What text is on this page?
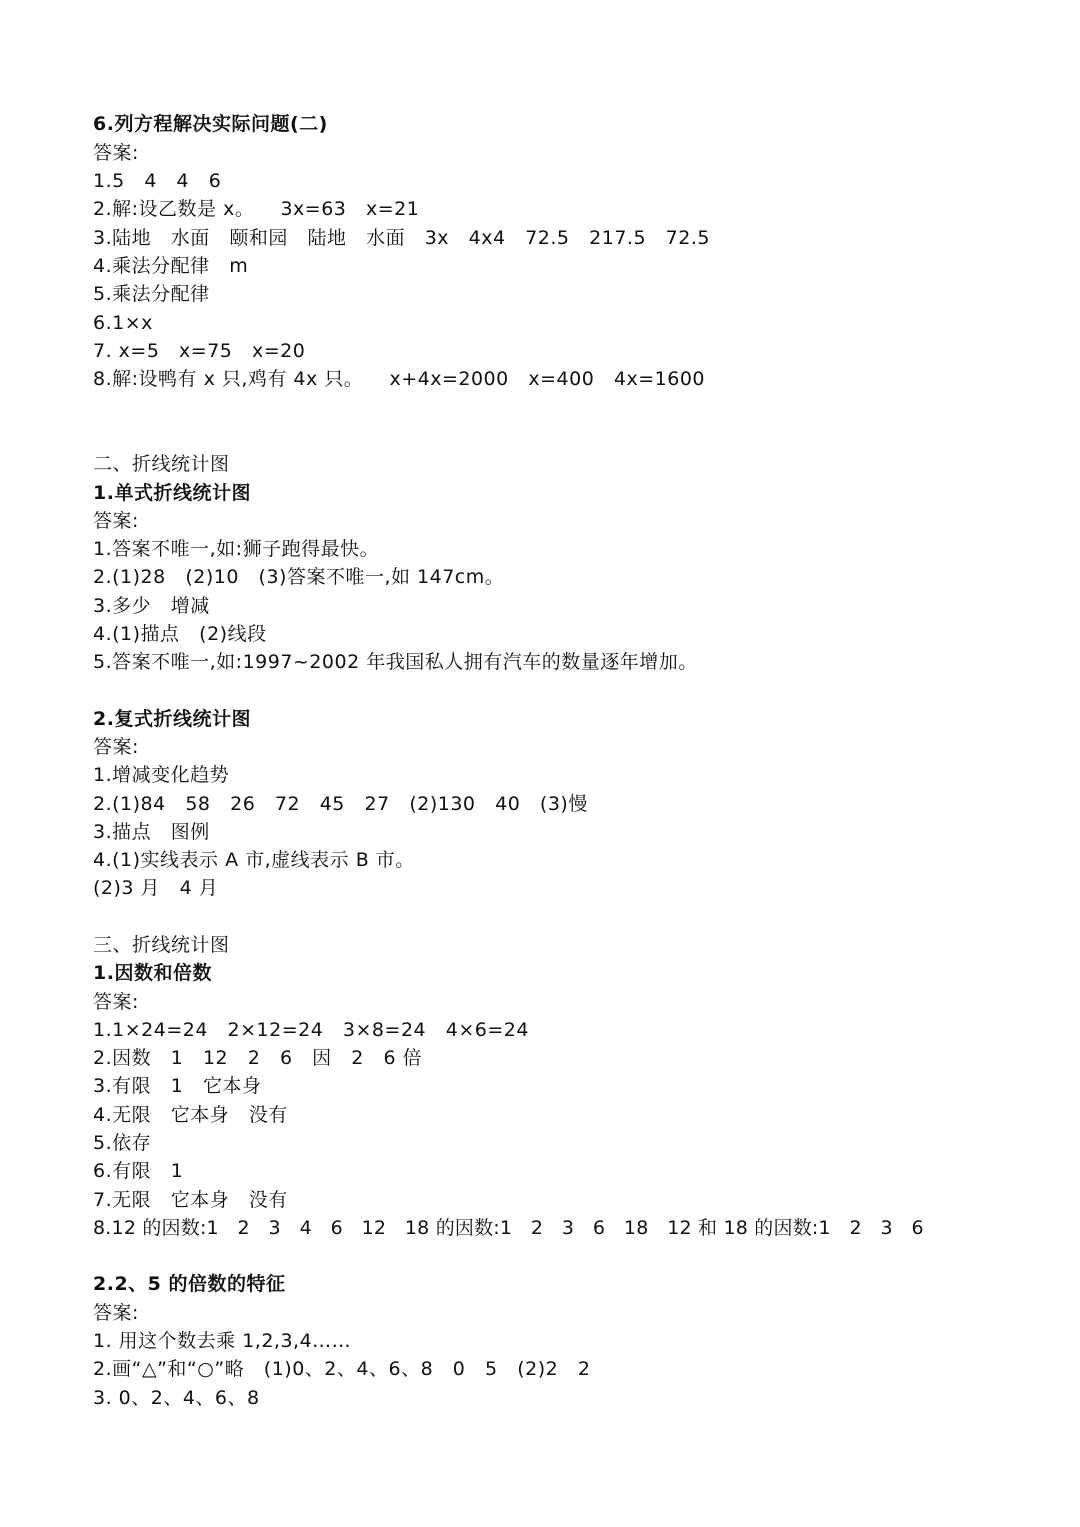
6.列方程解决实际问题(二)
答案:
1.5   4   4   6
2.解:设乙数是 x。    3x=63   x=21
3.陆地   水面   颐和园   陆地   水面   3x   4x4   72.5   217.5   72.5
4.乘法分配律   m
5.乘法分配律
6.1×x
7. x=5   x=75   x=20
8.解:设鸭有 x 只,鸡有 4x 只。    x+4x=2000   x=400   4x=1600
二、折线统计图
1.单式折线统计图
答案:
1.答案不唯一,如:狮子跑得最快。
2.(1)28   (2)10   (3)答案不唯一,如 147cm。
3.多少   增减
4.(1)描点   (2)线段
5.答案不唯一,如:1997~2002 年我国私人拥有汽车的数量逐年增加。
2.复式折线统计图
答案:
1.增减变化趋势
2.(1)84   58   26   72   45   27   (2)130   40   (3)慢
3.描点   图例
4.(1)实线表示 A 市,虚线表示 B 市。
(2)3 月   4 月
三、折线统计图
1.因数和倍数
答案:
1.1×24=24   2×12=24   3×8=24   4×6=24
2.因数   1   12   2   6   因   2   6 倍
3.有限   1   它本身
4.无限   它本身   没有
5.依存
6.有限   1
7.无限   它本身   没有
8.12 的因数:1   2   3   4   6   12   18 的因数:1   2   3   6   18   12 和 18 的因数:1   2   3   6
2.2、5 的倍数的特征
答案:
1. 用这个数去乘 1,2,3,4……
2.画“△”和“○”略   (1)0、2、4、6、8   0   5   (2)2   2
3. 0、2、4、6、8
